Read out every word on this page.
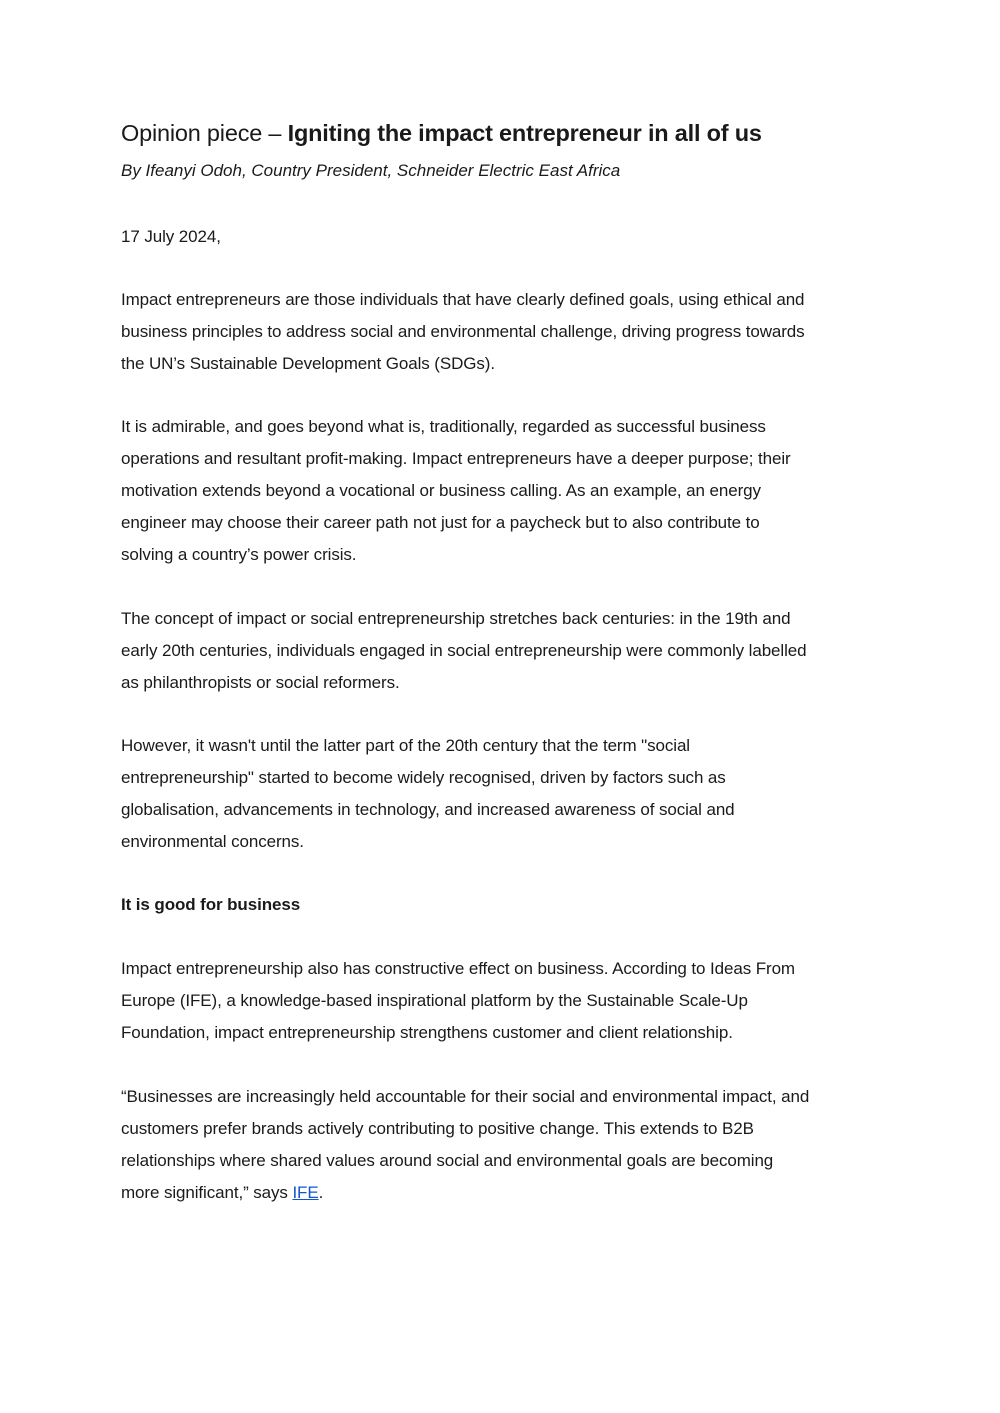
Opinion piece – Igniting the impact entrepreneur in all of us
By Ifeanyi Odoh, Country President, Schneider Electric East Africa
17 July 2024,
Impact entrepreneurs are those individuals that have clearly defined goals, using ethical and
business principles to address social and environmental challenge, driving progress towards
the UN’s Sustainable Development Goals (SDGs).
It is admirable, and goes beyond what is, traditionally, regarded as successful business
operations and resultant profit-making. Impact entrepreneurs have a deeper purpose; their
motivation extends beyond a vocational or business calling. As an example, an energy
engineer may choose their career path not just for a paycheck but to also contribute to
solving a country’s power crisis.
The concept of impact or social entrepreneurship stretches back centuries: in the 19th and
early 20th centuries, individuals engaged in social entrepreneurship were commonly labelled
as philanthropists or social reformers.
However, it wasn't until the latter part of the 20th century that the term "social
entrepreneurship" started to become widely recognised, driven by factors such as
globalisation, advancements in technology, and increased awareness of social and
environmental concerns.
It is good for business
Impact entrepreneurship also has constructive effect on business. According to Ideas From
Europe (IFE), a knowledge-based inspirational platform by the Sustainable Scale-Up
Foundation, impact entrepreneurship strengthens customer and client relationship.
“Businesses are increasingly held accountable for their social and environmental impact, and
customers prefer brands actively contributing to positive change. This extends to B2B
relationships where shared values around social and environmental goals are becoming
more significant,” says IFE.
